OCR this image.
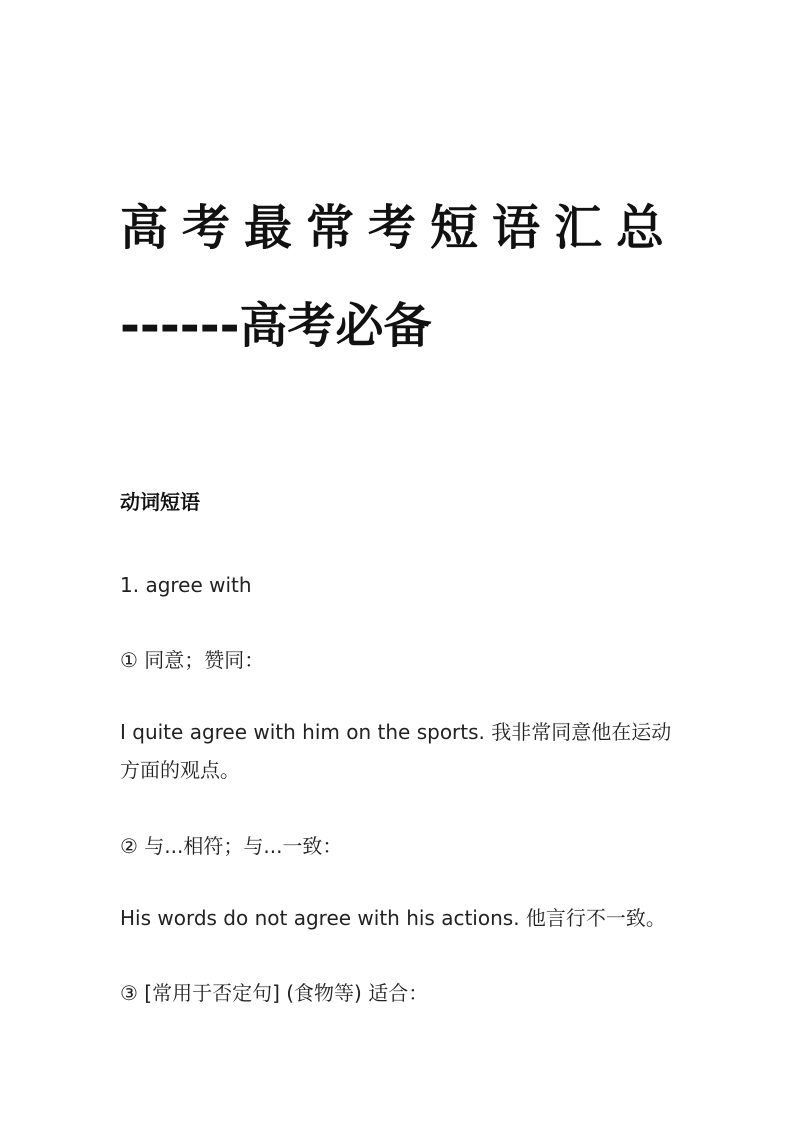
高考最常考短语汇总
------高考必备
动词短语
1. agree with
① 同意；赞同：
I quite agree with him on the sports. 我非常同意他在运动方面的观点。
② 与...相符；与...一致：
His words do not agree with his actions. 他言行不一致。
③ [常用于否定句] (食物等) 适合：
